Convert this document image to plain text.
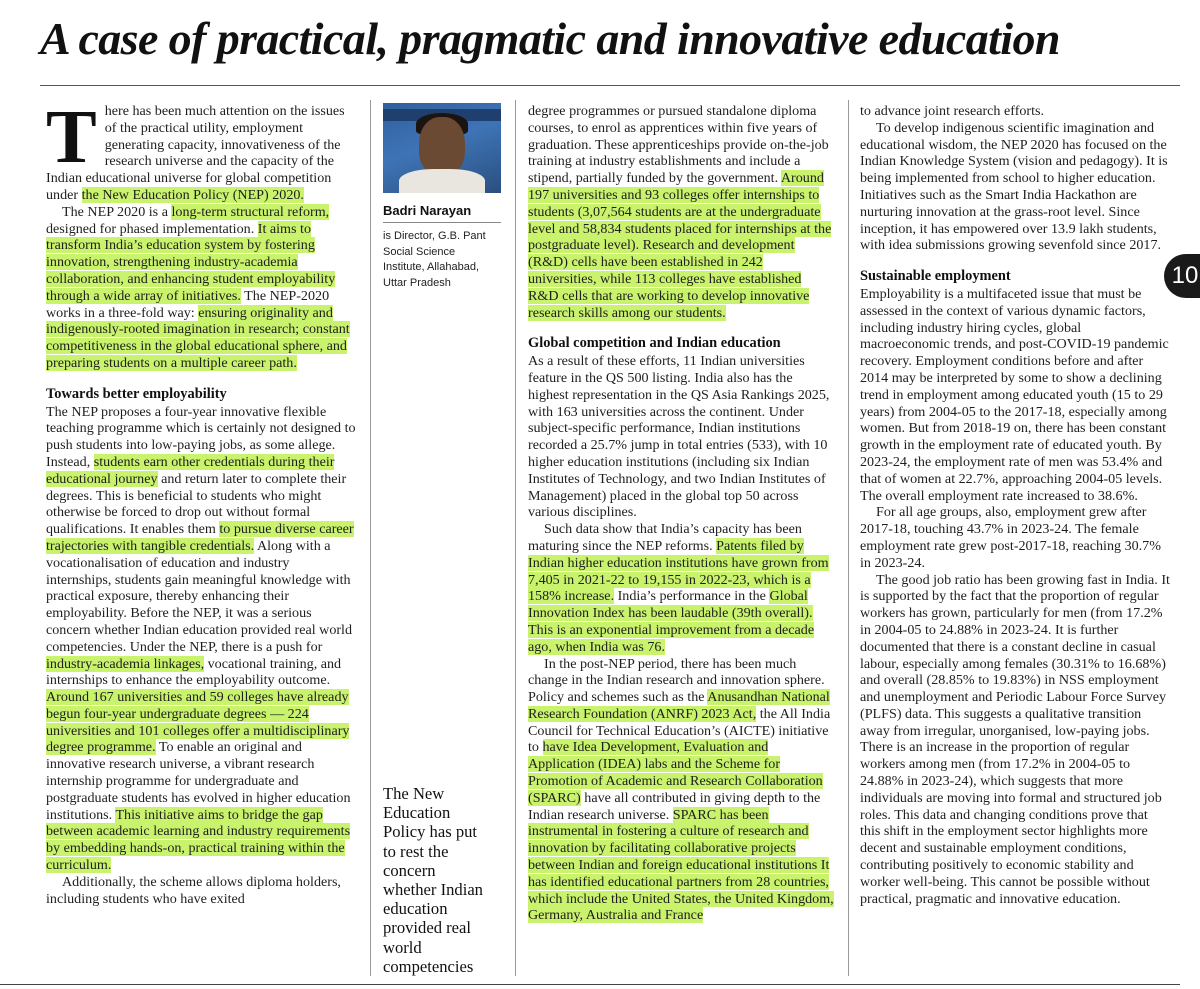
A case of practical, pragmatic and innovative education

There has been much attention on the issues of the practical utility, employment generating capacity, innovativeness of the research universe and the capacity of the Indian educational universe for global competition under the New Education Policy (NEP) 2020.

The NEP 2020 is a long-term structural reform, designed for phased implementation. It aims to transform India’s education system by fostering innovation, strengthening industry-academia collaboration, and enhancing student employability through a wide array of initiatives. The NEP-2020 works in a three-fold way: ensuring originality and indigenously-rooted imagination in research; constant competitiveness in the global educational sphere, and preparing students on a multiple career path.

Towards better employability

The NEP proposes a four-year innovative flexible teaching programme which is certainly not designed to push students into low-paying jobs, as some allege. Instead, students earn other credentials during their educational journey and return later to complete their degrees. This is beneficial to students who might otherwise be forced to drop out without formal qualifications. It enables them to pursue diverse career trajectories with tangible credentials. Along with a vocationalisation of education and industry internships, students gain meaningful knowledge with practical exposure, thereby enhancing their employability. Before the NEP, it was a serious concern whether Indian education provided real world competencies. Under the NEP, there is a push for industry-academia linkages, vocational training, and internships to enhance the employability outcome. Around 167 universities and 59 colleges have already begun four-year undergraduate degrees — 224 universities and 101 colleges offer a multidisciplinary degree programme. To enable an original and innovative research universe, a vibrant research internship programme for undergraduate and postgraduate students has evolved in higher education institutions. This initiative aims to bridge the gap between academic learning and industry requirements by embedding hands-on, practical training within the curriculum.

Additionally, the scheme allows diploma holders, including students who have exited

Badri Narayan
is Director, G.B. Pant
Social Science
Institute, Allahabad,
Uttar Pradesh
The New
Education
Policy has put
to rest the
concern
whether Indian
education
provided real
world
competencies

degree programmes or pursued standalone diploma courses, to enrol as apprentices within five years of graduation. These apprenticeships provide on-the-job training at industry establishments and include a stipend, partially funded by the government. Around 197 universities and 93 colleges offer internships to students (3,07,564 students are at the undergraduate level and 58,834 students placed for internships at the postgraduate level). Research and development (R&D) cells have been established in 242 universities, while 113 colleges have established R&D cells that are working to develop innovative research skills among our students.

Global competition and Indian education

As a result of these efforts, 11 Indian universities feature in the QS 500 listing. India also has the highest representation in the QS Asia Rankings 2025, with 163 universities across the continent. Under subject-specific performance, Indian institutions recorded a 25.7% jump in total entries (533), with 10 higher education institutions (including six Indian Institutes of Technology, and two Indian Institutes of Management) placed in the global top 50 across various disciplines.

Such data show that India’s capacity has been maturing since the NEP reforms. Patents filed by Indian higher education institutions have grown from 7,405 in 2021-22 to 19,155 in 2022-23, which is a 158% increase. India’s performance in the Global Innovation Index has been laudable (39th overall). This is an exponential improvement from a decade ago, when India was 76.

In the post-NEP period, there has been much change in the Indian research and innovation sphere. Policy and schemes such as the Anusandhan National Research Foundation (ANRF) 2023 Act, the All India Council for Technical Education’s (AICTE) initiative to have Idea Development, Evaluation and Application (IDEA) labs and the Scheme for Promotion of Academic and Research Collaboration (SPARC) have all contributed in giving depth to the Indian research universe. SPARC has been instrumental in fostering a culture of research and innovation by facilitating collaborative projects between Indian and foreign educational institutions It has identified educational partners from 28 countries, which include the United States, the United Kingdom, Germany, Australia and France

to advance joint research efforts.

To develop indigenous scientific imagination and educational wisdom, the NEP 2020 has focused on the Indian Knowledge System (vision and pedagogy). It is being implemented from school to higher education. Initiatives such as the Smart India Hackathon are nurturing innovation at the grass-root level. Since inception, it has empowered over 13.9 lakh students, with idea submissions growing sevenfold since 2017.

Sustainable employment

Employability is a multifaceted issue that must be assessed in the context of various dynamic factors, including industry hiring cycles, global macroeconomic trends, and post-COVID-19 pandemic recovery. Employment conditions before and after 2014 may be interpreted by some to show a declining trend in employment among educated youth (15 to 29 years) from 2004-05 to the 2017-18, especially among women. But from 2018-19 on, there has been constant growth in the employment rate of educated youth. By 2023-24, the employment rate of men was 53.4% and that of women at 22.7%, approaching 2004-05 levels. The overall employment rate increased to 38.6%.

For all age groups, also, employment grew after 2017-18, touching 43.7% in 2023-24. The female employment rate grew post-2017-18, reaching 30.7% in 2023-24.

The good job ratio has been growing fast in India. It is supported by the fact that the proportion of regular workers has grown, particularly for men (from 17.2% in 2004-05 to 24.88% in 2023-24. It is further documented that there is a constant decline in casual labour, especially among females (30.31% to 16.68%) and overall (28.85% to 19.83%) in NSS employment and unemployment and Periodic Labour Force Survey (PLFS) data. This suggests a qualitative transition away from irregular, unorganised, low-paying jobs. There is an increase in the proportion of regular workers among men (from 17.2% in 2004-05 to 24.88% in 2023-24), which suggests that more individuals are moving into formal and structured job roles. This data and changing conditions prove that this shift in the employment sector highlights more decent and sustainable employment conditions, contributing positively to economic stability and worker well-being. This cannot be possible without practical, pragmatic and innovative education.

10
